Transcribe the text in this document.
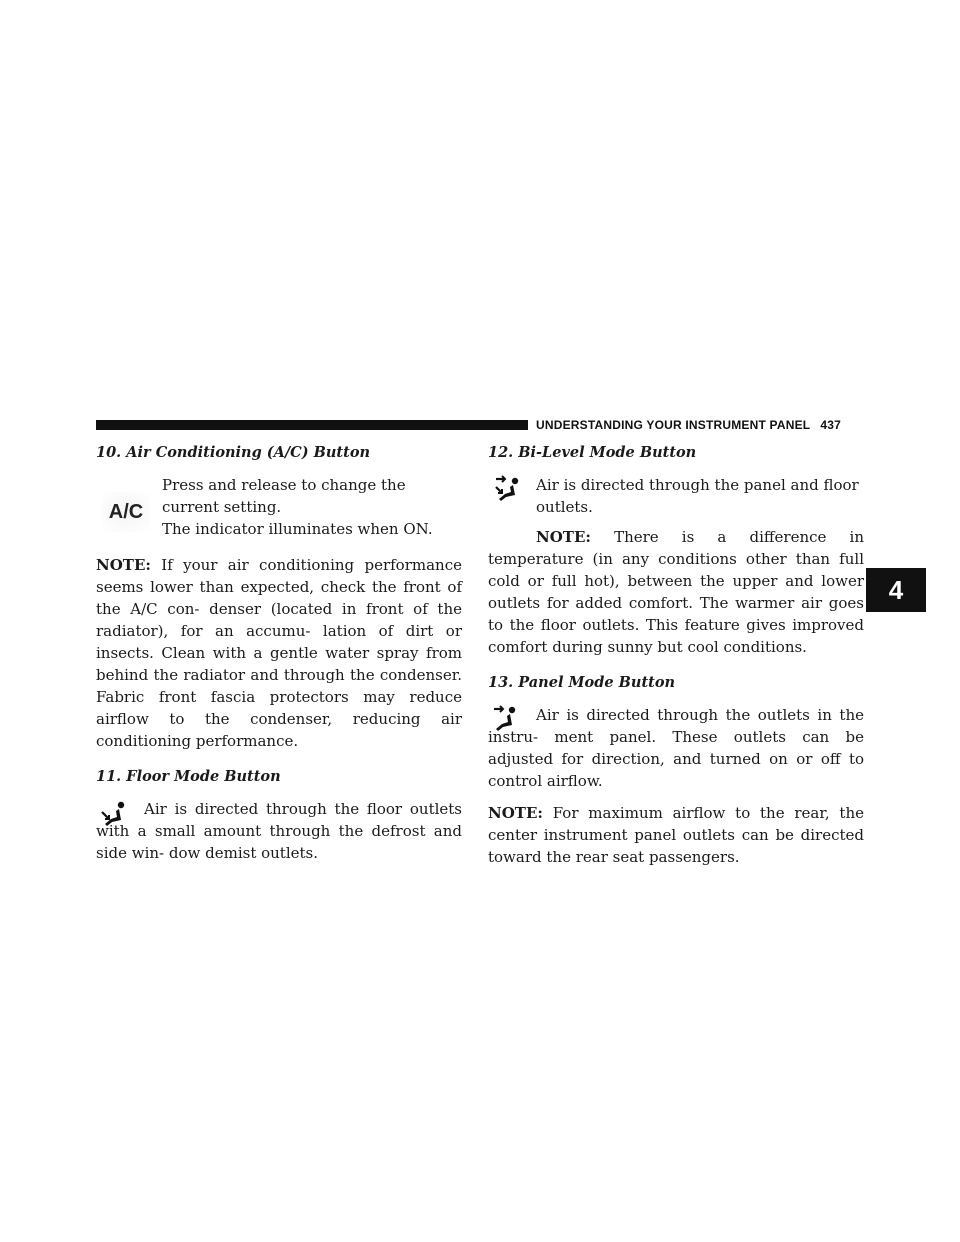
UNDERSTANDING YOUR INSTRUMENT PANEL 437
4
10. Air Conditioning (A/C) Button
A/C
Press and release to change the current setting.
The indicator illuminates when ON.

NOTE: If your air conditioning performance seems lower than expected, check the front of the A/C con- denser (located in front of the radiator), for an accumu- lation of dirt or insects. Clean with a gentle water spray from behind the radiator and through the condenser. Fabric front fascia protectors may reduce airflow to the condenser, reducing air conditioning performance.

11. Floor Mode Button

Air is directed through the floor outlets with a small amount through the defrost and side win- dow demist outlets.

12. Bi-Level Mode Button

Air is directed through the panel and floor outlets.

NOTE: There is a difference in temperature (in any conditions other than full cold or full hot), between the upper and lower outlets for added comfort. The warmer air goes to the floor outlets. This feature gives improved comfort during sunny but cool conditions.

13. Panel Mode Button

Air is directed through the outlets in the instru- ment panel. These outlets can be adjusted for direction, and turned on or off to control airflow.

NOTE: For maximum airflow to the rear, the center instrument panel outlets can be directed toward the rear seat passengers.
